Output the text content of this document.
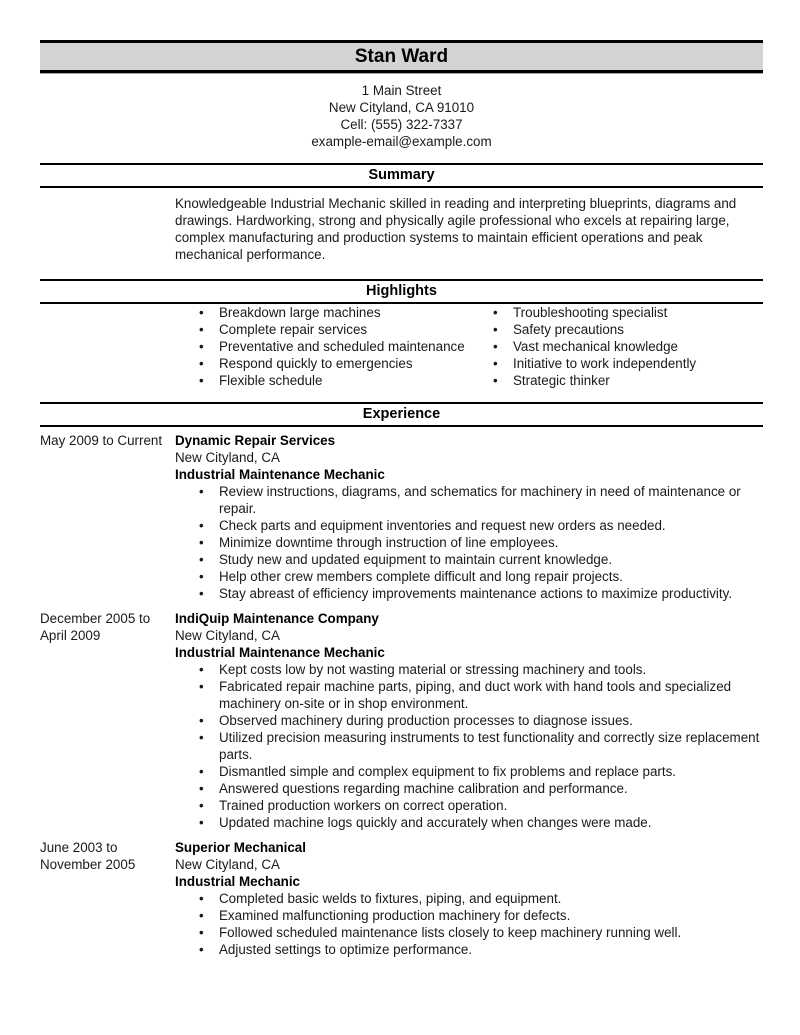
Stan Ward
1 Main Street
New Cityland, CA 91010
Cell: (555) 322-7337
example-email@example.com
Summary

Knowledgeable Industrial Mechanic skilled in reading and interpreting blueprints, diagrams and drawings. Hardworking, strong and physically agile professional who excels at repairing large, complex manufacturing and production systems to maintain efficient operations and peak mechanical performance.

Highlights
• Breakdown large machines
• Complete repair services
• Preventative and scheduled maintenance
• Respond quickly to emergencies
• Flexible schedule
• Troubleshooting specialist
• Safety precautions
• Vast mechanical knowledge
• Initiative to work independently
• Strategic thinker
Experience
May 2009 to Current Dynamic Repair Services
New Cityland, CA
Industrial Maintenance Mechanic
• Review instructions, diagrams, and schematics for machinery in need of maintenance or repair.
• Check parts and equipment inventories and request new orders as needed.
• Minimize downtime through instruction of line employees.
• Study new and updated equipment to maintain current knowledge.
• Help other crew members complete difficult and long repair projects.
• Stay abreast of efficiency improvements maintenance actions to maximize productivity.
December 2005 to
April 2009
IndiQuip Maintenance Company
New Cityland, CA
Industrial Maintenance Mechanic
• Kept costs low by not wasting material or stressing machinery and tools.
• Fabricated repair machine parts, piping, and duct work with hand tools and specialized machinery on-site or in shop environment.
• Observed machinery during production processes to diagnose issues.
• Utilized precision measuring instruments to test functionality and correctly size replacement parts.
• Dismantled simple and complex equipment to fix problems and replace parts.
• Answered questions regarding machine calibration and performance.
• Trained production workers on correct operation.
• Updated machine logs quickly and accurately when changes were made.
June 2003 to
November 2005
Superior Mechanical
New Cityland, CA
Industrial Mechanic
• Completed basic welds to fixtures, piping, and equipment.
• Examined malfunctioning production machinery for defects.
• Followed scheduled maintenance lists closely to keep machinery running well.
• Adjusted settings to optimize performance.
